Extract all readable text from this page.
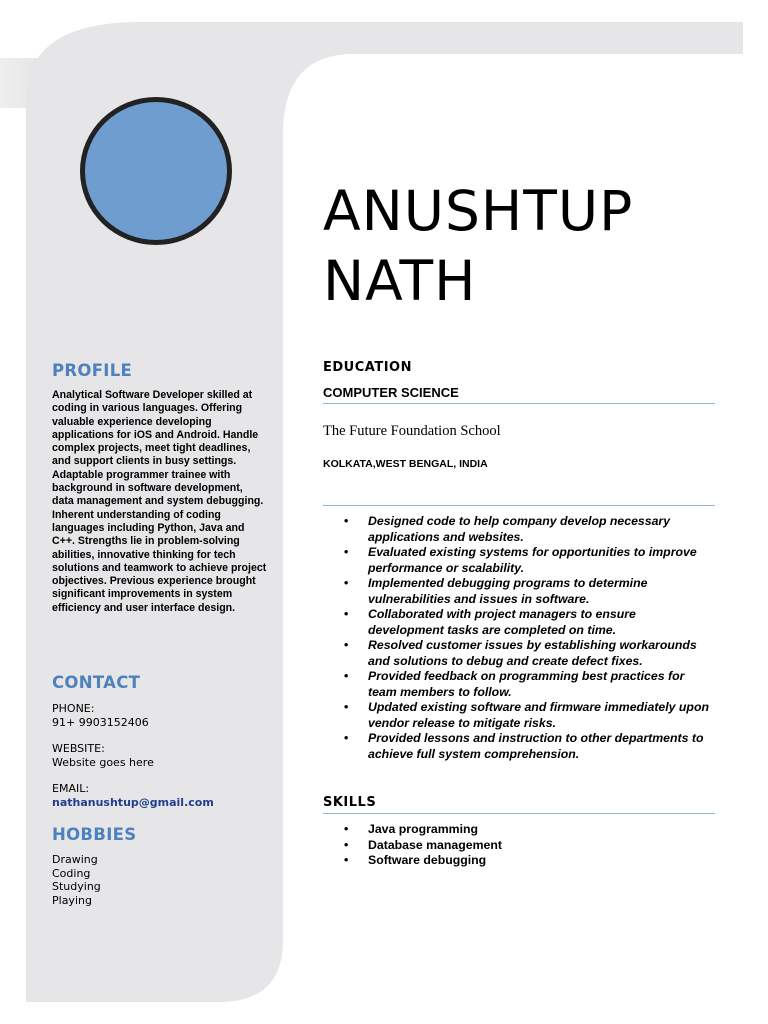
ANUSHTUP
NATH
PROFILE
Analytical Software Developer skilled at coding in various languages. Offering valuable experience developing applications for iOS and Android. Handle complex projects, meet tight deadlines, and support clients in busy settings. Adaptable programmer trainee with background in software development, data management and system debugging. Inherent understanding of coding languages including Python, Java and C++. Strengths lie in problem-solving abilities, innovative thinking for tech solutions and teamwork to achieve project objectives. Previous experience brought significant improvements in system efficiency and user interface design.
CONTACT
PHONE:
91+ 9903152406
WEBSITE:
Website goes here
EMAIL:
nathanushtup@gmail.com
HOBBIES
Drawing
Coding
Studying
Playing
EDUCATION
COMPUTER SCIENCE
The Future Foundation School
KOLKATA,WEST BENGAL, INDIA
• Designed code to help company develop necessary applications and websites.
• Evaluated existing systems for opportunities to improve performance or scalability.
• Implemented debugging programs to determine vulnerabilities and issues in software.
• Collaborated with project managers to ensure development tasks are completed on time.
• Resolved customer issues by establishing workarounds and solutions to debug and create defect fixes.
• Provided feedback on programming best practices for team members to follow.
• Updated existing software and firmware immediately upon vendor release to mitigate risks.
• Provided lessons and instruction to other departments to achieve full system comprehension.
SKILLS
• Java programming
• Database management
• Software debugging
